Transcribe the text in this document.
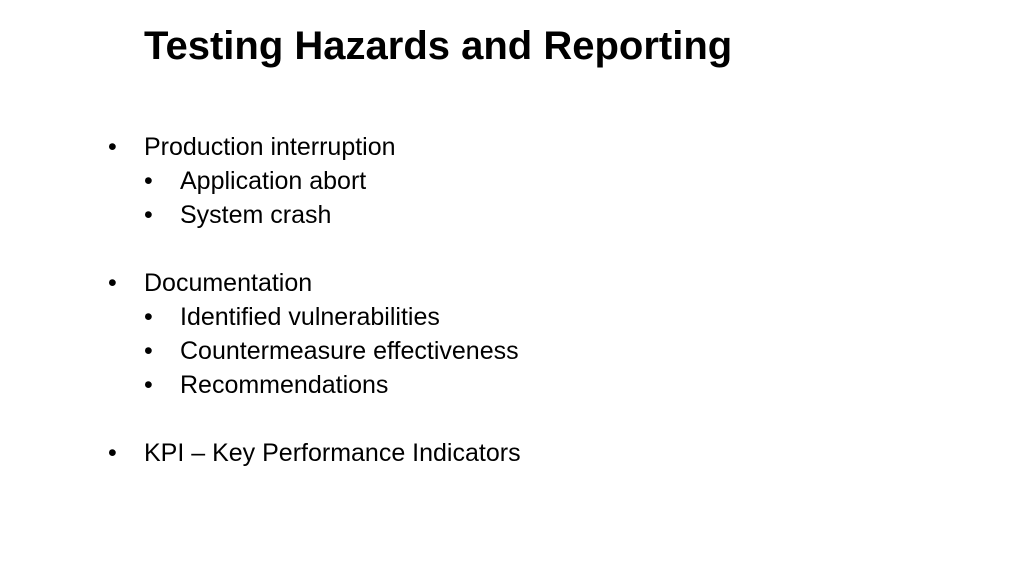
Testing Hazards and Reporting
•	Production interruption
•	Application abort
•	System crash
•	Documentation
•	Identified vulnerabilities
•	Countermeasure effectiveness
•	Recommendations
•	KPI – Key Performance Indicators
